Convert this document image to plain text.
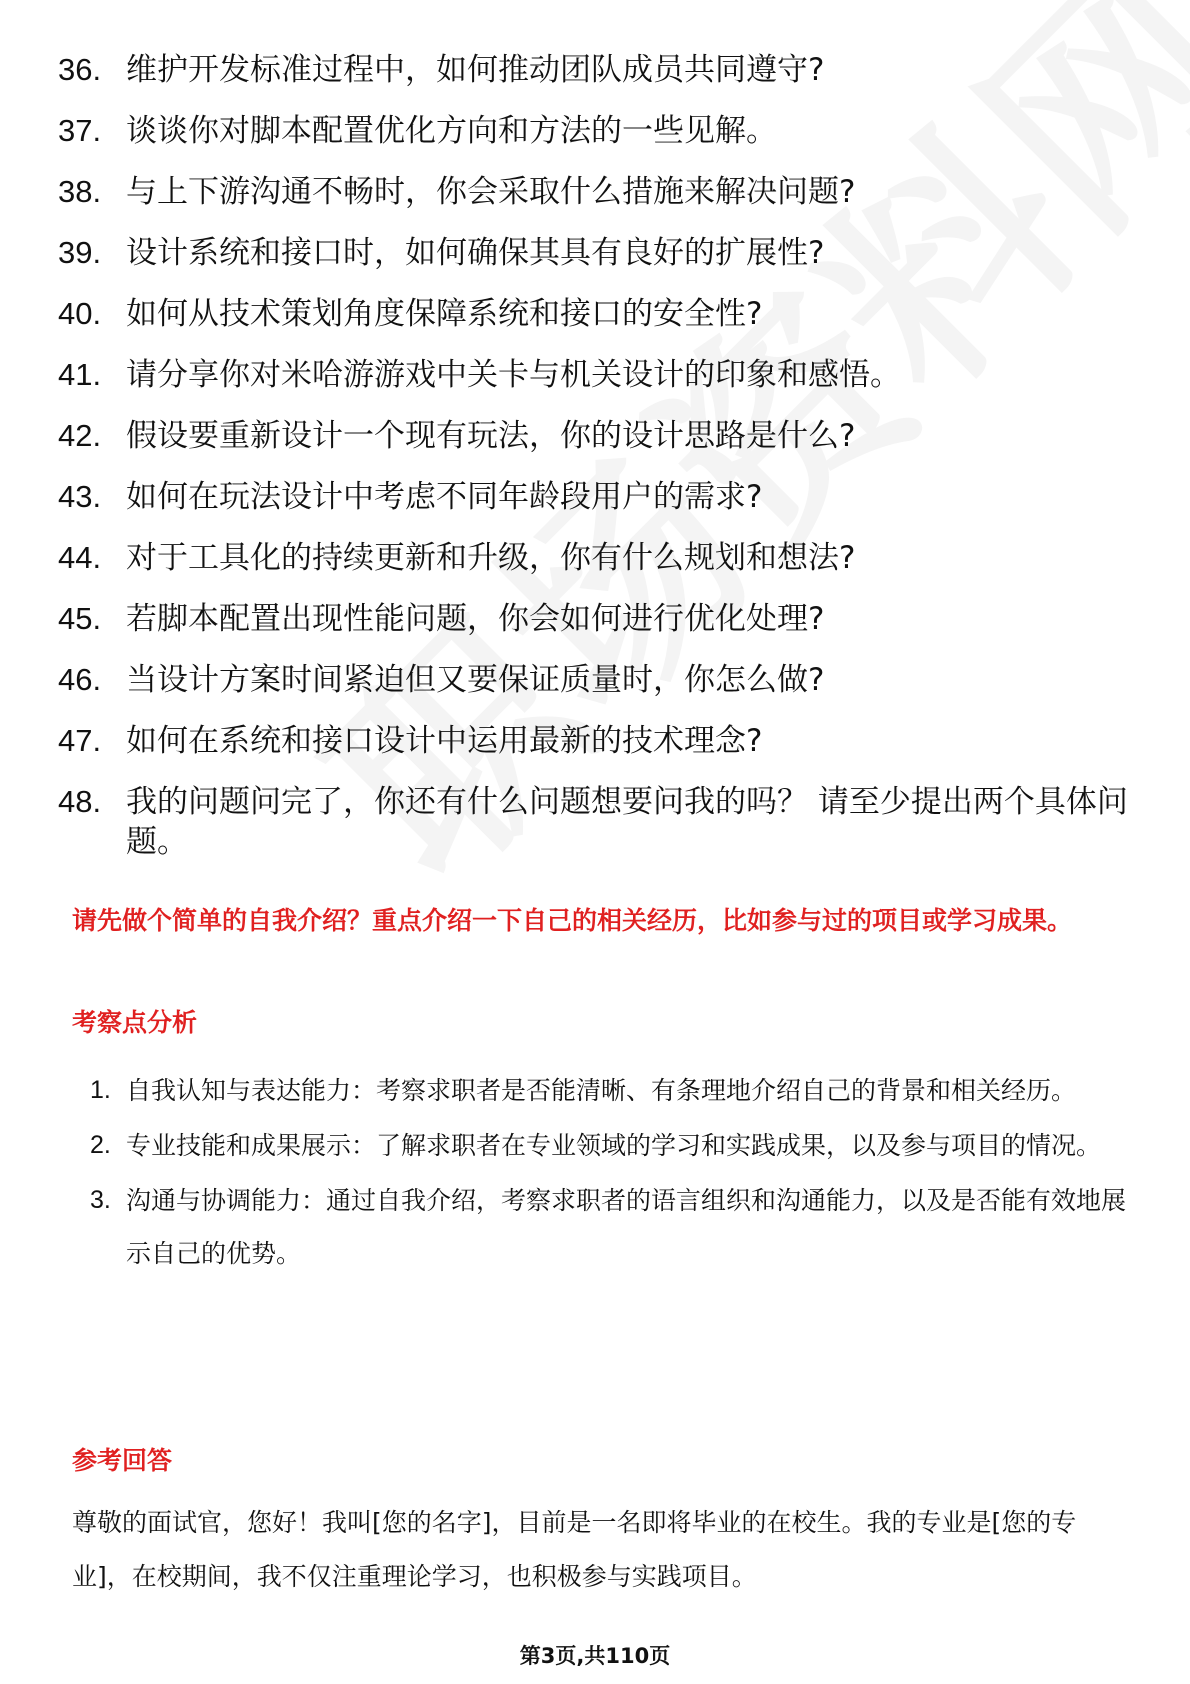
36. 维护开发标准过程中，如何推动团队成员共同遵守?
37. 谈谈你对脚本配置优化方向和方法的一些见解。
38. 与上下游沟通不畅时，你会采取什么措施来解决问题?
39. 设计系统和接口时，如何确保其具有良好的扩展性?
40. 如何从技术策划角度保障系统和接口的安全性?
41. 请分享你对米哈游游戏中关卡与机关设计的印象和感悟。
42. 假设要重新设计一个现有玩法，你的设计思路是什么?
43. 如何在玩法设计中考虑不同年龄段用户的需求?
44. 对于工具化的持续更新和升级，你有什么规划和想法?
45. 若脚本配置出现性能问题，你会如何进行优化处理?
46. 当设计方案时间紧迫但又要保证质量时，你怎么做?
47. 如何在系统和接口设计中运用最新的技术理念?
48. 我的问题问完了，你还有什么问题想要问我的吗？ 请至少提出两个具体问题。
请先做个简单的自我介绍？重点介绍一下自己的相关经历，比如参与过的项目或学习成果。
考察点分析
1. 自我认知与表达能力：考察求职者是否能清晰、有条理地介绍自己的背景和相关经历。
2. 专业技能和成果展示：了解求职者在专业领域的学习和实践成果，以及参与项目的情况。
3. 沟通与协调能力：通过自我介绍，考察求职者的语言组织和沟通能力，以及是否能有效地展示自己的优势。
参考回答
尊敬的面试官，您好！我叫[您的名字]，目前是一名即将毕业的在校生。我的专业是[您的专业]，在校期间，我不仅注重理论学习，也积极参与实践项目。
第3页,共110页
